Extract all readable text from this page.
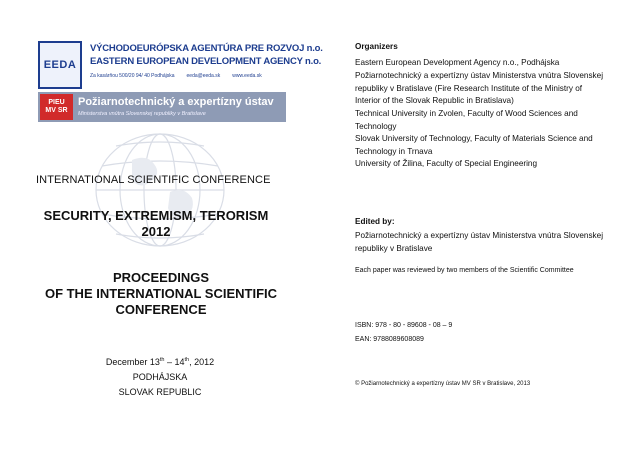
EEDA
VÝCHODOEURÓPSKA AGENTÚRA PRE ROZVOJ n.o.
EASTERN EUROPEAN DEVELOPMENT AGENCY n.o.
Za kasárňou 500/20 94/ 40 Podhájska eeda@eeda.sk www.eeda.sk
PIEU
MV SR
Požiarnotechnický a expertízny ústav
Ministerstva vnútra Slovenskej republiky v Bratislave
INTERNATIONAL SCIENTIFIC CONFERENCE
SECURITY, EXTREMISM, TERORISM
2012
PROCEEDINGS
OF THE INTERNATIONAL SCIENTIFIC
CONFERENCE
December 13th – 14th, 2012
PODHÁJSKA
SLOVAK REPUBLIC
Organizers
Eastern European Development Agency n.o., Podhájska
Požiarnotechnický a expertízny ústav Ministerstva vnútra Slovenskej republiky v Bratislave (Fire Research Institute of the Ministry of Interior of the Slovak Republic in Bratislava)
Technical University in Zvolen, Faculty of Wood Sciences and Technology
Slovak University of Technology, Faculty of Materials Science and Technology in Trnava
University of Žilina, Faculty of Special Engineering
Edited by:
Požiarnotechnický a expertízny ústav Ministerstva vnútra Slovenskej republiky v Bratislave
Each paper was reviewed by two members of the Scientific Committee
ISBN: 978 - 80 - 89608 - 08 – 9
EAN: 9788089608089
© Požiarnotechnický a expertízny ústav MV SR v Bratislave, 2013
